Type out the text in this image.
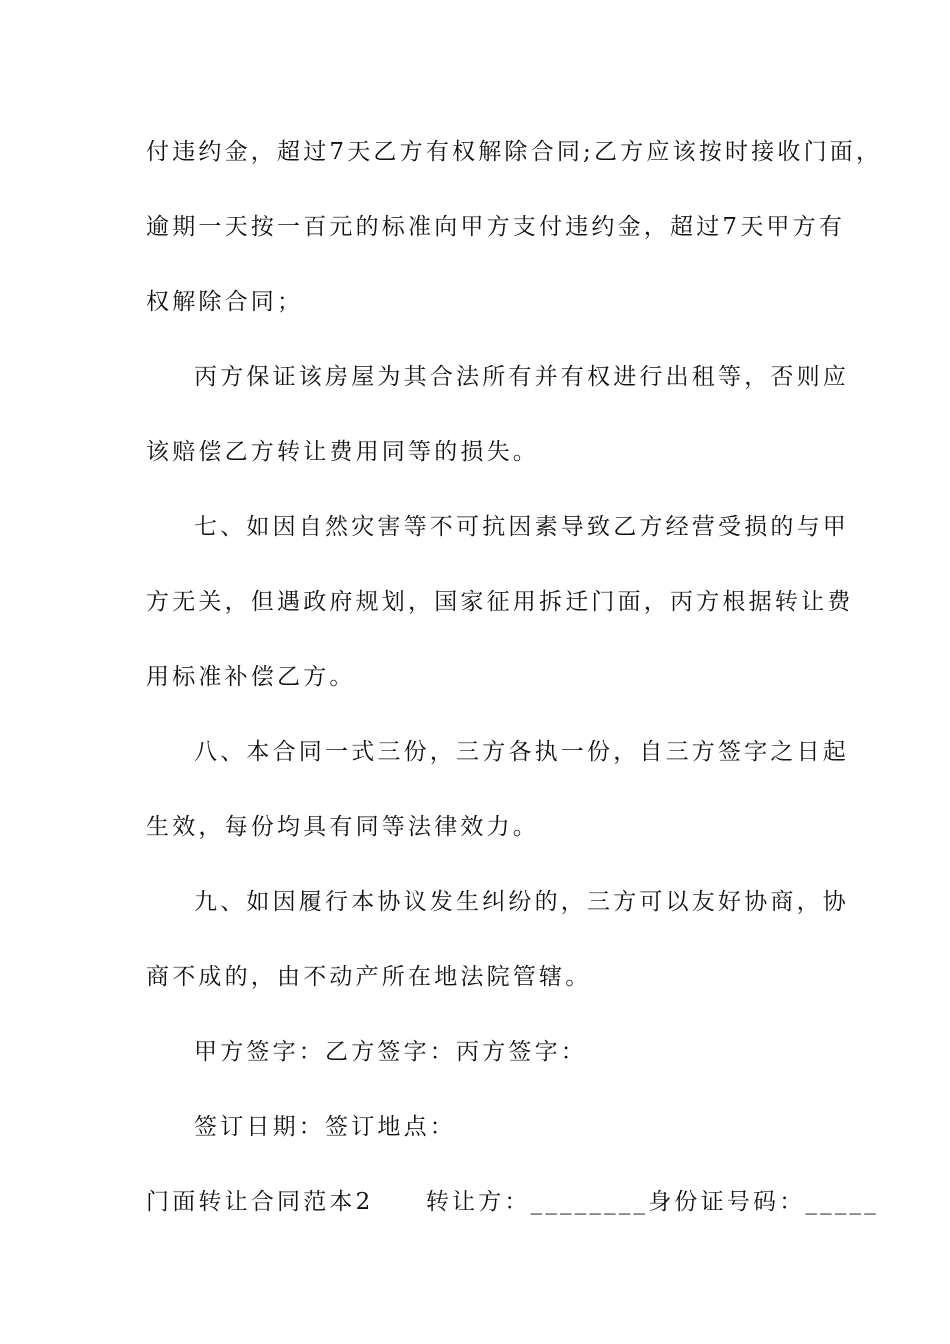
付违约金，超过7天乙方有权解除合同;乙方应该按时接收门面，
逾期一天按一百元的标准向甲方支付违约金，超过7天甲方有
权解除合同；
丙方保证该房屋为其合法所有并有权进行出租等，否则应
该赔偿乙方转让费用同等的损失。
七、如因自然灾害等不可抗因素导致乙方经营受损的与甲
方无关，但遇政府规划，国家征用拆迁门面，丙方根据转让费
用标准补偿乙方。
八、本合同一式三份，三方各执一份，自三方签字之日起
生效，每份均具有同等法律效力。
九、如因履行本协议发生纠纷的，三方可以友好协商，协
商不成的，由不动产所在地法院管辖。
甲方签字：乙方签字：丙方签字：
签订日期：签订地点：
门面转让合同范本2　　转让方：________身份证号码：_____
